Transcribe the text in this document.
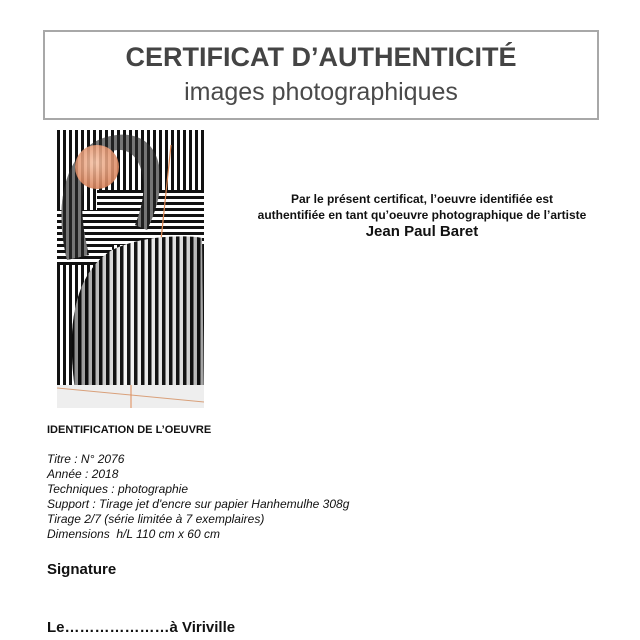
CERTIFICAT D’AUTHENTICITÉ
images photographiques
Par le présent certificat, l’oeuvre identifiée est
authentifiée en tant qu’oeuvre photographique de l’artiste
Jean Paul Baret
IDENTIFICATION DE L’OEUVRE
Titre : N° 2076
Année : 2018
Techniques : photographie
Support : Tirage jet d'encre sur papier Hanhemulhe 308g
Tirage 2/7 (série limitée à 7 exemplaires)
Dimensions  h/L 110 cm x 60 cm
Signature
Le…………………à Viriville
